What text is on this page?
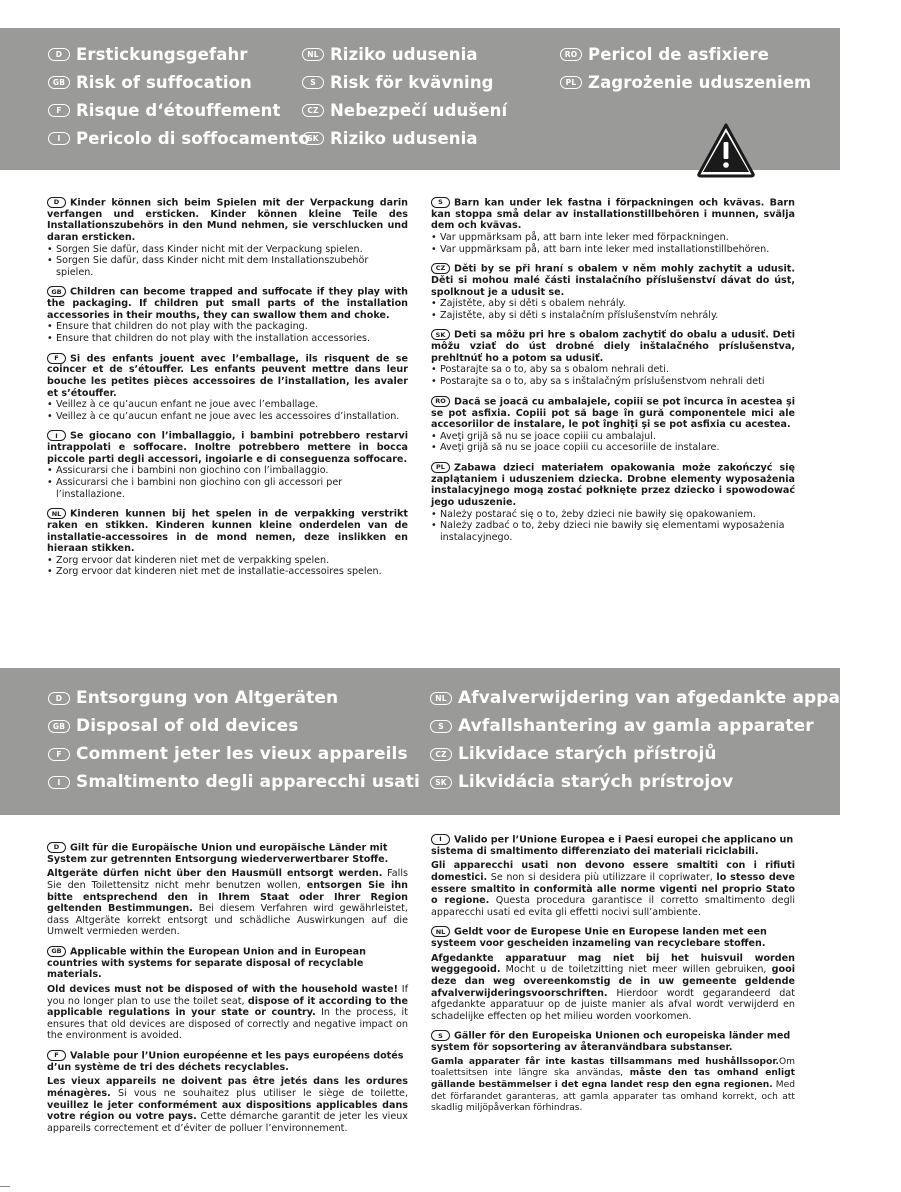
D Erstickungsgefahr
GB Risk of suffocation
F Risque d‘étouffement
I Pericolo di soffocamento
NL Riziko udusenia
S Risk för kvävning
CZ Nebezpečí udušení
SK Riziko udusenia
RO Pericol de asfixiere
PL Zagrożenie uduszeniem

D Kinder können sich beim Spielen mit der Verpackung darin verfangen und ersticken. Kinder können kleine Teile des Installationszubehörs in den Mund nehmen, sie verschlucken und daran ersticken.

• Sorgen Sie dafür, dass Kinder nicht mit der Verpackung spielen.
• Sorgen Sie dafür, dass Kinder nicht mit dem Installationszubehör spielen.

GB Children can become trapped and suffocate if they play with the packaging. If children put small parts of the installation accessories in their mouths, they can swallow them and choke.

• Ensure that children do not play with the packaging.
• Ensure that children do not play with the installation accessories.

F Si des enfants jouent avec l’emballage, ils risquent de se coincer et de s’étouffer. Les enfants peuvent mettre dans leur bouche les petites pièces accessoires de l’installation, les avaler et s’étouffer.

• Veillez à ce qu’aucun enfant ne joue avec l’emballage.
• Veillez à ce qu’aucun enfant ne joue avec les accessoires d’installation.

I Se giocano con l’imballaggio, i bambini potrebbero restarvi intrappolati e soffocare. Inoltre potrebbero mettere in bocca piccole parti degli accessori, ingoiarle e di conseguenza soffocare.

• Assicurarsi che i bambini non giochino con l’imballaggio.
• Assicurarsi che i bambini non giochino con gli accessori per l’installazione.

NL Kinderen kunnen bij het spelen in de verpakking verstrikt raken en stikken. Kinderen kunnen kleine onderdelen van de installatie-accessoires in de mond nemen, deze inslikken en hieraan stikken.

• Zorg ervoor dat kinderen niet met de verpakking spelen.
• Zorg ervoor dat kinderen niet met de installatie-accessoires spelen.

S Barn kan under lek fastna i förpackningen och kvävas. Barn kan stoppa små delar av installationstillbehören i munnen, svälja dem och kvävas.

• Var uppmärksam på, att barn inte leker med förpackningen.
• Var uppmärksam på, att barn inte leker med installationstillbehören.

CZ Děti by se při hraní s obalem v něm mohly zachytit a udusit. Děti si mohou malé části instalačního příslušenství dávat do úst, spolknout je a udusit se.

• Zajistěte, aby si děti s obalem nehrály.
• Zajistěte, aby si děti s instalačním příslušenstvím nehrály.

SK Deti sa môžu pri hre s obalom zachytiť do obalu a udusiť. Deti môžu vziať do úst drobné diely inštalačného príslušenstva, prehltnúť ho a potom sa udusiť.

• Postarajte sa o to, aby sa s obalom nehrali deti.
• Postarajte sa o to, aby sa s inštalačným príslušenstvom nehrali deti

RO Dacă se joacă cu ambalajele, copiii se pot încurca în acestea şi se pot asfixia. Copiii pot să bage în gură componentele mici ale accesoriilor de instalare, le pot înghiţi şi se pot asfixia cu acestea.

• Aveţi grijă să nu se joace copiii cu ambalajul.
• Aveţi grijă să nu se joace copiii cu accesoriile de instalare.

PL Zabawa dzieci materiałem opakowania może zakończyć się zaplątaniem i uduszeniem dziecka. Drobne elementy wyposażenia instalacyjnego mogą zostać połknięte przez dziecko i spowodować jego uduszenie.

• Należy postarać się o to, żeby dzieci nie bawiły się opakowaniem.
• Należy zadbać o to, żeby dzieci nie bawiły się elementami wyposażenia instalacyjnego.
D Entsorgung von Altgeräten
GB Disposal of old devices
F Comment jeter les vieux appareils
I Smaltimento degli apparecchi usati
NL Afvalverwijdering van afgedankte apparatuur
S Avfallshantering av gamla apparater
CZ Likvidace starých přístrojů
SK Likvidácia starých prístrojov

D Gilt für die Europäische Union und europäische Länder mit System zur getrennten Entsorgung wiederverwertbarer Stoffe.

Altgeräte dürfen nicht über den Hausmüll entsorgt werden. Falls Sie den Toilettensitz nicht mehr benutzen wollen, entsorgen Sie ihn bitte entsprechend den in Ihrem Staat oder Ihrer Region geltenden Bestimmungen. Bei diesem Verfahren wird gewährleistet, dass Altgeräte korrekt entsorgt und schädliche Auswirkungen auf die Umwelt vermieden werden.

GB Applicable within the European Union and in European countries with systems for separate disposal of recyclable materials.

Old devices must not be disposed of with the household waste! If you no longer plan to use the toilet seat, dispose of it according to the applicable regulations in your state or country. In the process, it ensures that old devices are disposed of correctly and negative impact on the environment is avoided.

F Valable pour l’Union européenne et les pays européens dotés d’un système de tri des déchets recyclables.

Les vieux appareils ne doivent pas être jetés dans les ordures ménagères. Si vous ne souhaitez plus utiliser le siège de toilette, veuillez le jeter conformément aux dispositions applicables dans votre région ou votre pays. Cette démarche garantit de jeter les vieux appareils correctement et d’éviter de polluer l’environnement.

I Valido per l’Unione Europea e i Paesi europei che applicano un sistema di smaltimento differenziato dei materiali riciclabili.

Gli apparecchi usati non devono essere smaltiti con i rifiuti domestici. Se non si desidera più utilizzare il copriwater, lo stesso deve essere smaltito in conformità alle norme vigenti nel proprio Stato o regione. Questa procedura garantisce il corretto smaltimento degli apparecchi usati ed evita gli effetti nocivi sull’ambiente.

NL Geldt voor de Europese Unie en Europese landen met een systeem voor gescheiden inzameling van recyclebare stoffen.

Afgedankte apparatuur mag niet bij het huisvuil worden weggegooid. Mocht u de toiletzitting niet meer willen gebruiken, gooi deze dan weg overeenkomstig de in uw gemeente geldende afvalverwijderingsvoorschriften. Hierdoor wordt gegarandeerd dat afgedankte apparatuur op de juiste manier als afval wordt verwijderd en schadelijke effecten op het milieu worden voorkomen.

S Gäller för den Europeiska Unionen och europeiska länder med system för sopsortering av återanvändbara substanser.

Gamla apparater får inte kastas tillsammans med hushållssopor.Om toalettsitsen inte längre ska användas, måste den tas omhand enligt gällande bestämmelser i det egna landet resp den egna regionen. Med det förfarandet garanteras, att gamla apparater tas omhand korrekt, och att skadlig miljöpåverkan förhindras.
